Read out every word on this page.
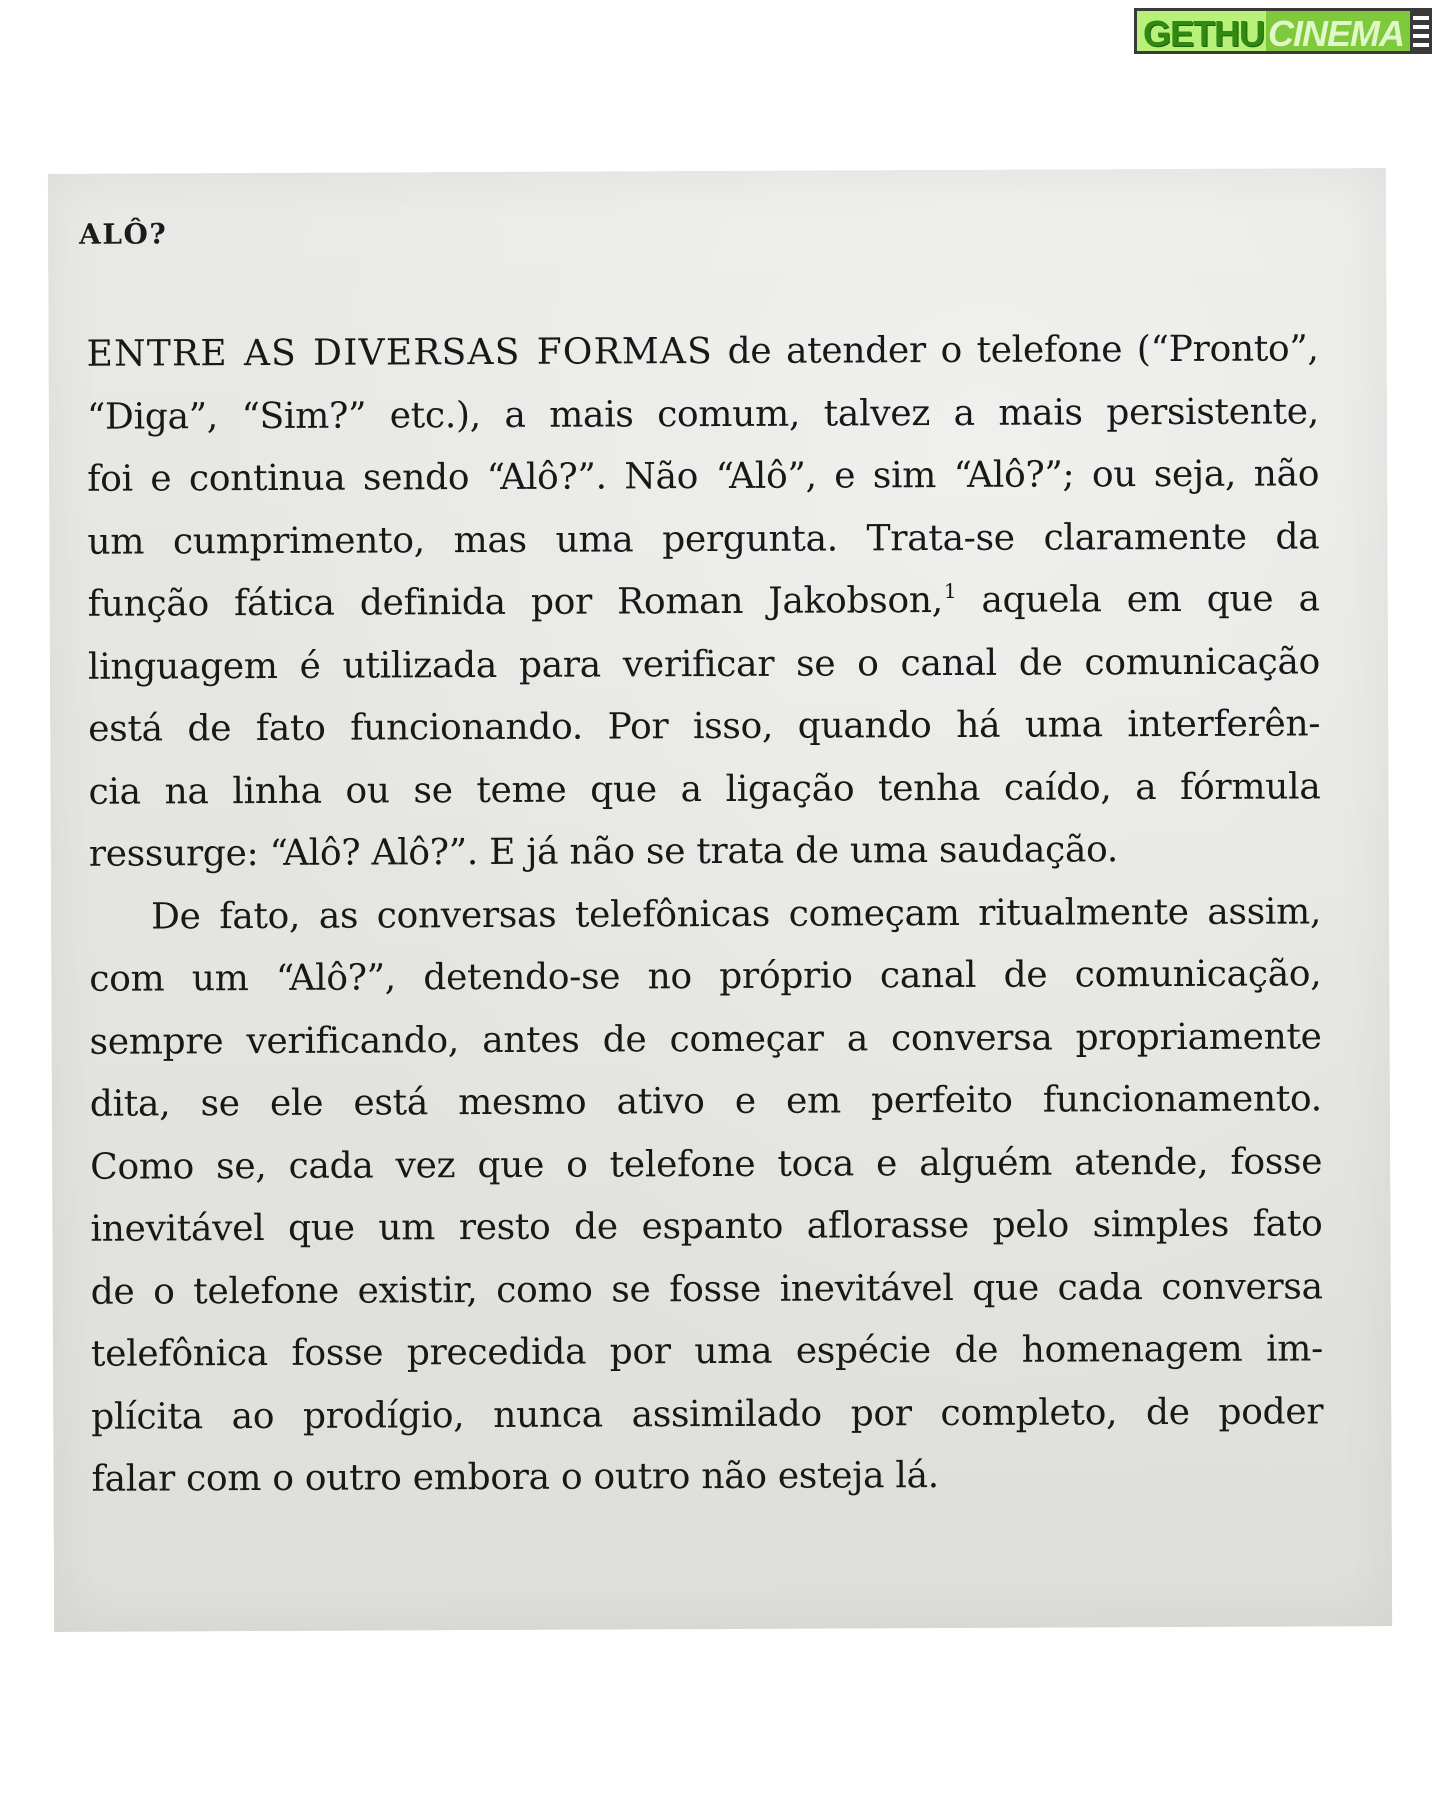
GETHU CINEMA
ALÔ?
ENTRE AS DIVERSAS FORMAS de atender o telefone (“Pronto”,
“Diga”, “Sim?” etc.), a mais comum, talvez a mais persistente,
foi e continua sendo “Alô?”. Não “Alô”, e sim “Alô?”; ou seja, não
um cumprimento, mas uma pergunta. Trata-se claramente da
função fática definida por Roman Jakobson,$^1$ aquela em que a
linguagem é utilizada para verificar se o canal de comunicação
está de fato funcionando. Por isso, quando há uma interferên-
cia na linha ou se teme que a ligação tenha caído, a fórmula
ressurge: “Alô? Alô?”. E já não se trata de uma saudação.
De fato, as conversas telefônicas começam ritualmente assim,
com um “Alô?”, detendo-se no próprio canal de comunicação,
sempre verificando, antes de começar a conversa propriamente
dita, se ele está mesmo ativo e em perfeito funcionamento.
Como se, cada vez que o telefone toca e alguém atende, fosse
inevitável que um resto de espanto aflorasse pelo simples fato
de o telefone existir, como se fosse inevitável que cada conversa
telefônica fosse precedida por uma espécie de homenagem im-
plícita ao prodígio, nunca assimilado por completo, de poder
falar com o outro embora o outro não esteja lá.
